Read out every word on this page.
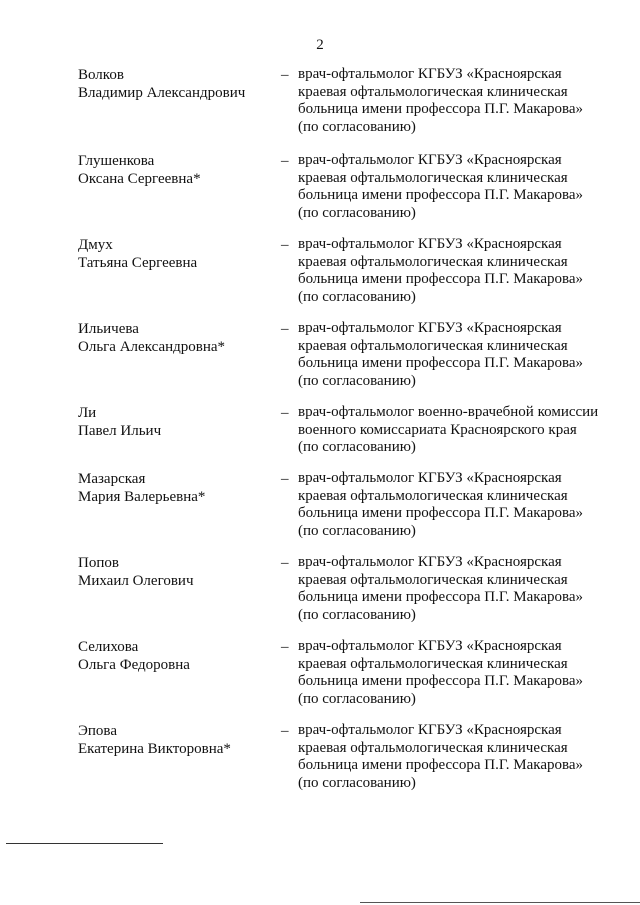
2
Волков
Владимир Александрович
– врач-офтальмолог КГБУЗ «Красноярская
краевая офтальмологическая клиническая
больница имени профессора П.Г. Макарова»
(по согласованию)
Глушенкова
Оксана Сергеевна*
– врач-офтальмолог КГБУЗ «Красноярская
краевая офтальмологическая клиническая
больница имени профессора П.Г. Макарова»
(по согласованию)
Дмух
Татьяна Сергеевна
– врач-офтальмолог КГБУЗ «Красноярская
краевая офтальмологическая клиническая
больница имени профессора П.Г. Макарова»
(по согласованию)
Ильичева
Ольга Александровна*
– врач-офтальмолог КГБУЗ «Красноярская
краевая офтальмологическая клиническая
больница имени профессора П.Г. Макарова»
(по согласованию)
Ли
Павел Ильич
– врач-офтальмолог военно-врачебной комиссии
военного комиссариата Красноярского края
(по согласованию)
Мазарская
Мария Валерьевна*
– врач-офтальмолог КГБУЗ «Красноярская
краевая офтальмологическая клиническая
больница имени профессора П.Г. Макарова»
(по согласованию)
Попов
Михаил Олегович
– врач-офтальмолог КГБУЗ «Красноярская
краевая офтальмологическая клиническая
больница имени профессора П.Г. Макарова»
(по согласованию)
Селихова
Ольга Федоровна
– врач-офтальмолог КГБУЗ «Красноярская
краевая офтальмологическая клиническая
больница имени профессора П.Г. Макарова»
(по согласованию)
Эпова
Екатерина Викторовна*
– врач-офтальмолог КГБУЗ «Красноярская
краевая офтальмологическая клиническая
больница имени профессора П.Г. Макарова»
(по согласованию)
